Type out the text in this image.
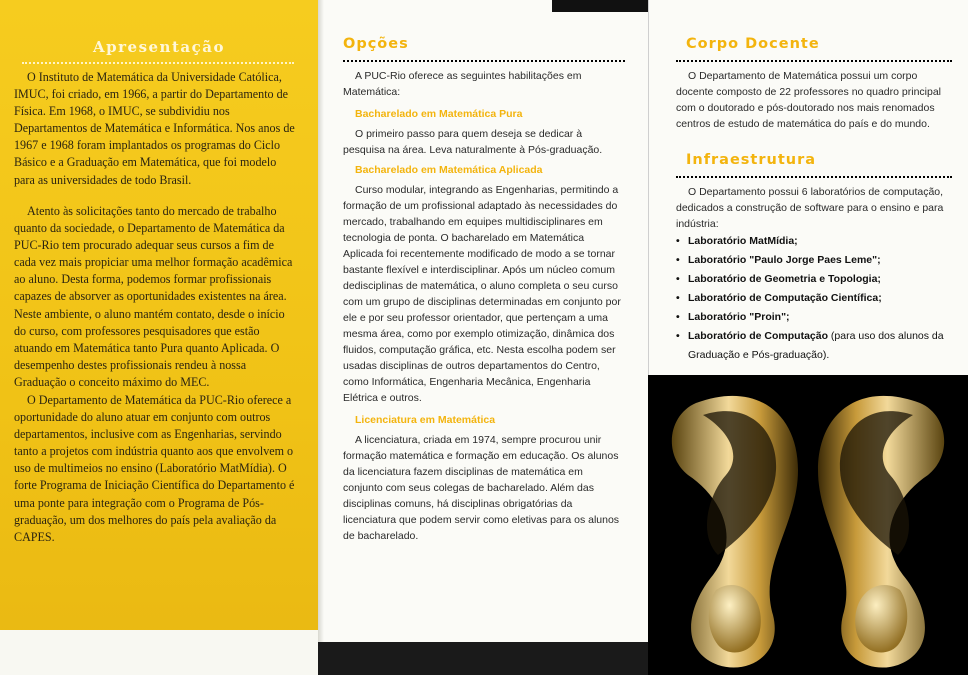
Apresentação

O Instituto de Matemática da Universidade Católica, IMUC, foi criado, em 1966, a partir do Departamento de Física. Em 1968, o IMUC, se subdividiu nos Departamentos de Matemática e Informática. Nos anos de 1967 e 1968 foram implantados os programas do Ciclo Básico e a Graduação em Matemática, que foi modelo para as universidades de todo Brasil.

Atento às solicitações tanto do mercado de trabalho quanto da sociedade, o Departamento de Matemática da PUC-Rio tem procurado adequar seus cursos a fim de cada vez mais propiciar uma melhor formação acadêmica ao aluno. Desta forma, podemos formar profissionais capazes de absorver as oportunidades existentes na área. Neste ambiente, o aluno mantém contato, desde o início do curso, com professores pesquisadores que estão atuando em Matemática tanto Pura quanto Aplicada. O desempenho destes profissionais rendeu à nossa Graduação o conceito máximo do MEC.

O Departamento de Matemática da PUC-Rio oferece a oportunidade do aluno atuar em conjunto com outros departamentos, inclusive com as Engenharias, servindo tanto a projetos com indústria quanto aos que envolvem o uso de multimeios no ensino (Laboratório MatMídia). O forte Programa de Iniciação Científica do Departamento é uma ponte para integração com o Programa de Pós-graduação, um dos melhores do país pela avaliação da CAPES.

Opções

A PUC-Rio oferece as seguintes habilitações em Matemática:

Bacharelado em Matemática Pura

O primeiro passo para quem deseja se dedicar à pesquisa na área. Leva naturalmente à Pós-graduação.

Bacharelado em Matemática Aplicada

Curso modular, integrando as Engenharias, permitindo a formação de um profissional adaptado às necessidades do mercado, trabalhando em equipes multidisciplinares em tecnologia de ponta. O bacharelado em Matemática Aplicada foi recentemente modificado de modo a se tornar bastante flexível e interdisciplinar. Após um núcleo comum dedisciplinas de matemática, o aluno completa o seu curso com um grupo de disciplinas determinadas em conjunto por ele e por seu professor orientador, que pertençam a uma mesma área, como por exemplo otimização, dinâmica dos fluidos, computação gráfica, etc. Nesta escolha podem ser usadas disciplinas de outros departamentos do Centro, como Informática, Engenharia Mecânica, Engenharia Elétrica e outros.

Licenciatura em Matemática

A licenciatura, criada em 1974, sempre procurou unir formação matemática e formação em educação. Os alunos da licenciatura fazem disciplinas de matemática em conjunto com seus colegas de bacharelado. Além das disciplinas comuns, há disciplinas obrigatórias da licenciatura que podem servir como eletivas para os alunos de bacharelado.

Corpo Docente

O Departamento de Matemática possui um corpo docente composto de 22 professores no quadro principal com o doutorado e pós-doutorado nos mais renomados centros de estudo de matemática do país e do mundo.

Infraestrutura

O Departamento possui 6 laboratórios de computação, dedicados a construção de software para o ensino e para indústria:

• Laboratório MatMídia;
• Laboratório "Paulo Jorge Paes Leme";
• Laboratório de Geometria e Topologia;
• Laboratório de Computação Científica;
• Laboratório "Proin";
• Laboratório de Computação (para uso dos alunos da Graduação e Pós-graduação).
